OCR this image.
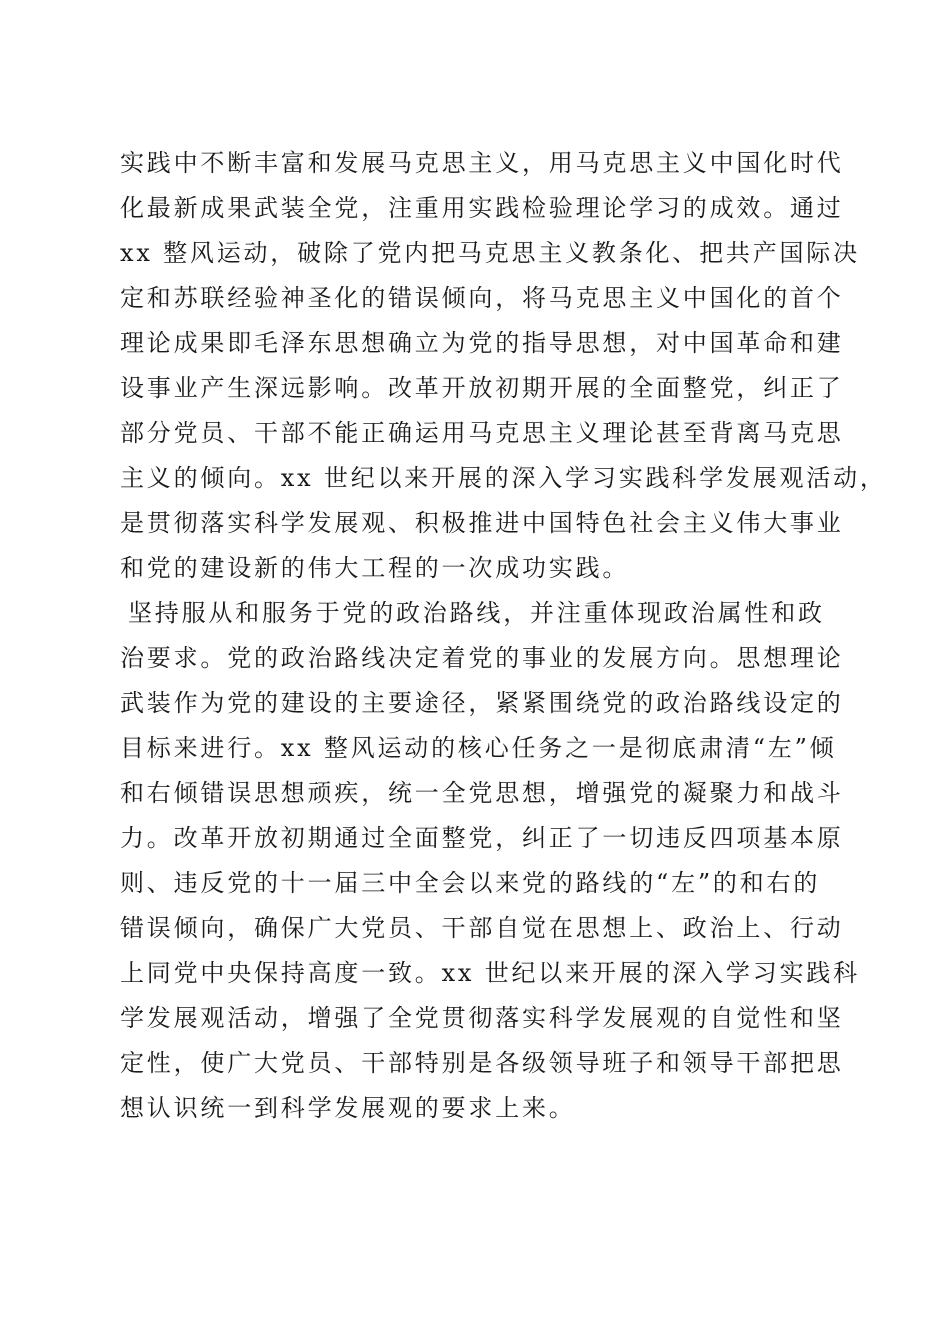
实践中不断丰富和发展马克思主义，用马克思主义中国化时代
化最新成果武装全党，注重用实践检验理论学习的成效。通过
xx 整风运动，破除了党内把马克思主义教条化、把共产国际决
定和苏联经验神圣化的错误倾向，将马克思主义中国化的首个
理论成果即毛泽东思想确立为党的指导思想，对中国革命和建
设事业产生深远影响。改革开放初期开展的全面整党，纠正了
部分党员、干部不能正确运用马克思主义理论甚至背离马克思
主义的倾向。xx 世纪以来开展的深入学习实践科学发展观活动，
是贯彻落实科学发展观、积极推进中国特色社会主义伟大事业
和党的建设新的伟大工程的一次成功实践。
坚持服从和服务于党的政治路线，并注重体现政治属性和政
治要求。党的政治路线决定着党的事业的发展方向。思想理论
武装作为党的建设的主要途径，紧紧围绕党的政治路线设定的
目标来进行。xx 整风运动的核心任务之一是彻底肃清“左”倾
和右倾错误思想顽疾，统一全党思想，增强党的凝聚力和战斗
力。改革开放初期通过全面整党，纠正了一切违反四项基本原
则、违反党的十一届三中全会以来党的路线的“左”的和右的
错误倾向，确保广大党员、干部自觉在思想上、政治上、行动
上同党中央保持高度一致。xx 世纪以来开展的深入学习实践科
学发展观活动，增强了全党贯彻落实科学发展观的自觉性和坚
定性，使广大党员、干部特别是各级领导班子和领导干部把思
想认识统一到科学发展观的要求上来。
